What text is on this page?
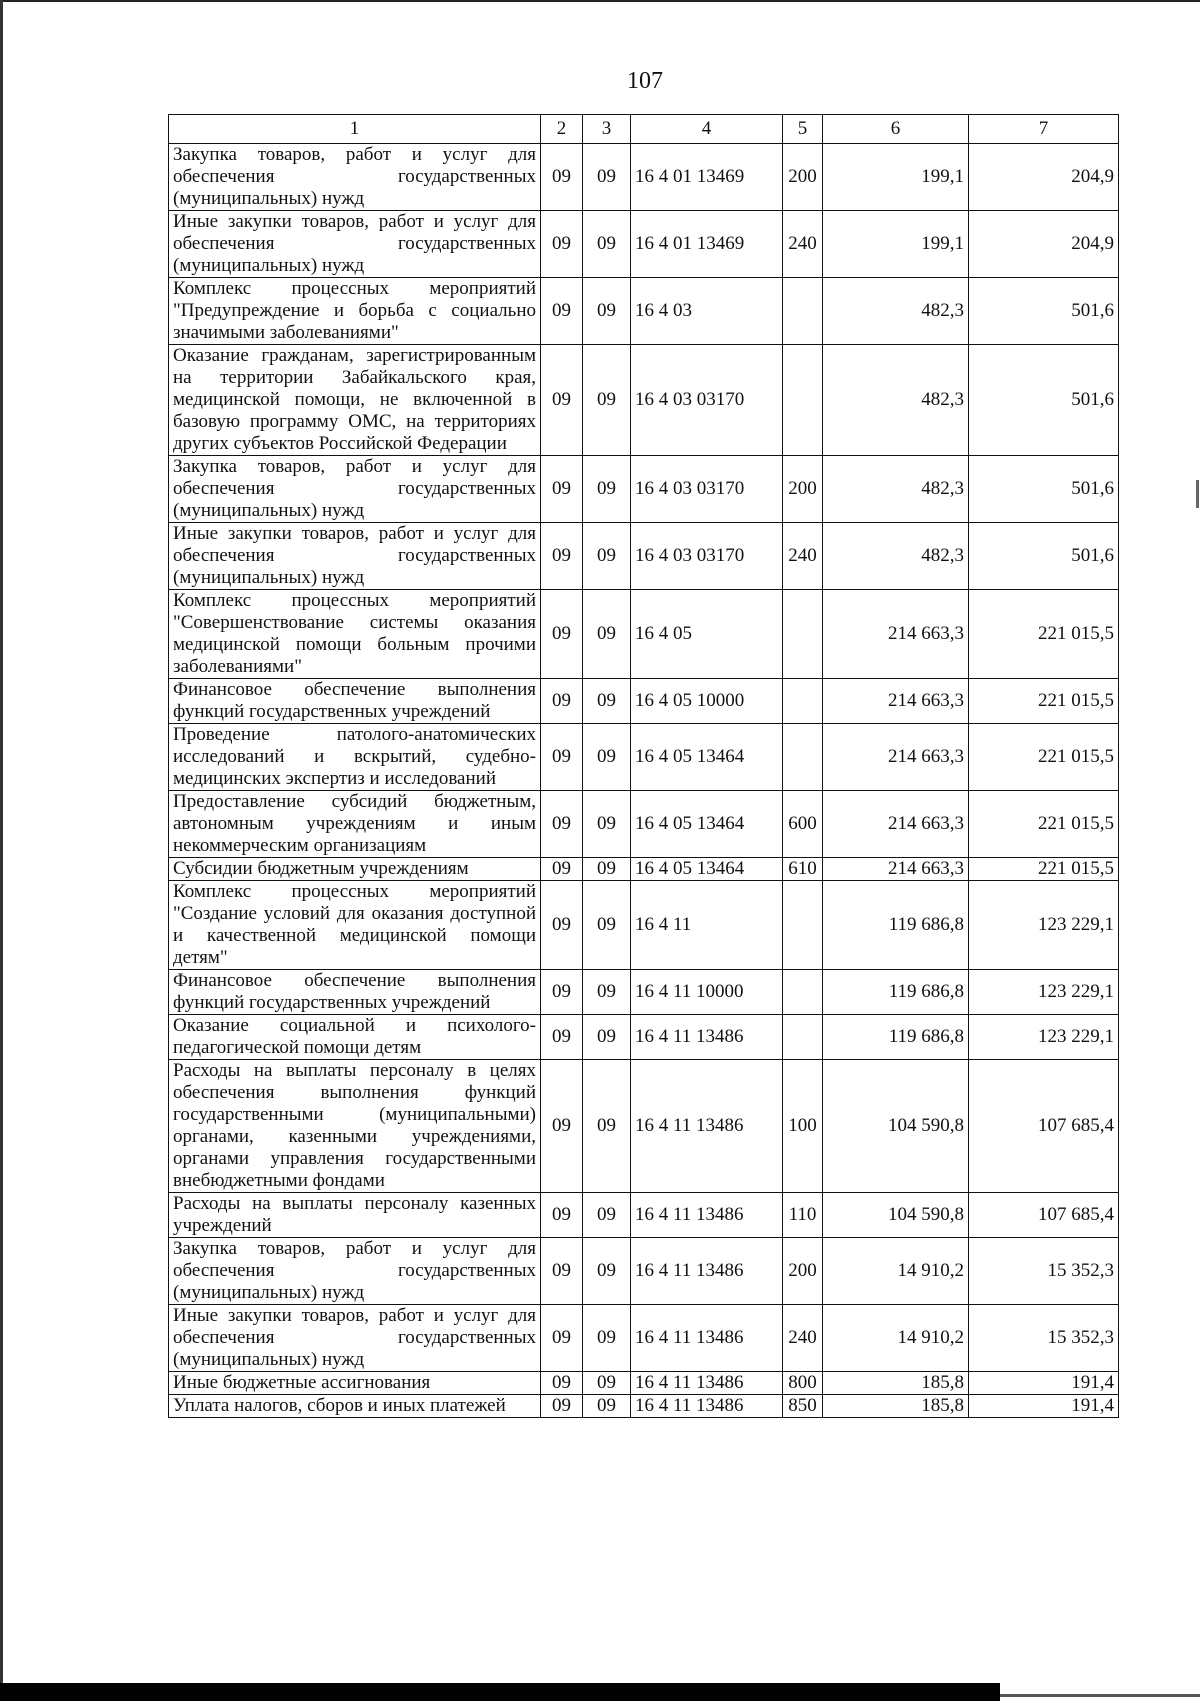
107
1	2	3	4	5	6	7
Закупка товаров, работ и услуг для обеспечения государственных (муниципальных) нужд	09	09	16 4 01 13469	200	199,1	204,9
Иные закупки товаров, работ и услуг для обеспечения государственных (муниципальных) нужд	09	09	16 4 01 13469	240	199,1	204,9
Комплекс процессных мероприятий "Предупреждение и борьба с социально значимыми заболеваниями"	09	09	16 4 03		482,3	501,6
Оказание гражданам, зарегистрированным на территории Забайкальского края, медицинской помощи, не включенной в базовую программу ОМС, на территориях других субъектов Российской Федерации	09	09	16 4 03 03170		482,3	501,6
Закупка товаров, работ и услуг для обеспечения государственных (муниципальных) нужд	09	09	16 4 03 03170	200	482,3	501,6
Иные закупки товаров, работ и услуг для обеспечения государственных (муниципальных) нужд	09	09	16 4 03 03170	240	482,3	501,6
Комплекс процессных мероприятий "Совершенствование системы оказания медицинской помощи больным прочими заболеваниями"	09	09	16 4 05		214 663,3	221 015,5
Финансовое обеспечение выполнения функций государственных учреждений	09	09	16 4 05 10000		214 663,3	221 015,5
Проведение патолого-анатомических исследований и вскрытий, судебно-медицинских экспертиз и исследований	09	09	16 4 05 13464		214 663,3	221 015,5
Предоставление субсидий бюджетным, автономным учреждениям и иным некоммерческим организациям	09	09	16 4 05 13464	600	214 663,3	221 015,5
Субсидии бюджетным учреждениям	09	09	16 4 05 13464	610	214 663,3	221 015,5
Комплекс процессных мероприятий "Создание условий для оказания доступной и качественной медицинской помощи детям"	09	09	16 4 11		119 686,8	123 229,1
Финансовое обеспечение выполнения функций государственных учреждений	09	09	16 4 11 10000		119 686,8	123 229,1
Оказание социальной и психолого-педагогической помощи детям	09	09	16 4 11 13486		119 686,8	123 229,1
Расходы на выплаты персоналу в целях обеспечения выполнения функций государственными (муниципальными) органами, казенными учреждениями, органами управления государственными внебюджетными фондами	09	09	16 4 11 13486	100	104 590,8	107 685,4
Расходы на выплаты персоналу казенных учреждений	09	09	16 4 11 13486	110	104 590,8	107 685,4
Закупка товаров, работ и услуг для обеспечения государственных (муниципальных) нужд	09	09	16 4 11 13486	200	14 910,2	15 352,3
Иные закупки товаров, работ и услуг для обеспечения государственных (муниципальных) нужд	09	09	16 4 11 13486	240	14 910,2	15 352,3
Иные бюджетные ассигнования	09	09	16 4 11 13486	800	185,8	191,4
Уплата налогов, сборов и иных платежей	09	09	16 4 11 13486	850	185,8	191,4
